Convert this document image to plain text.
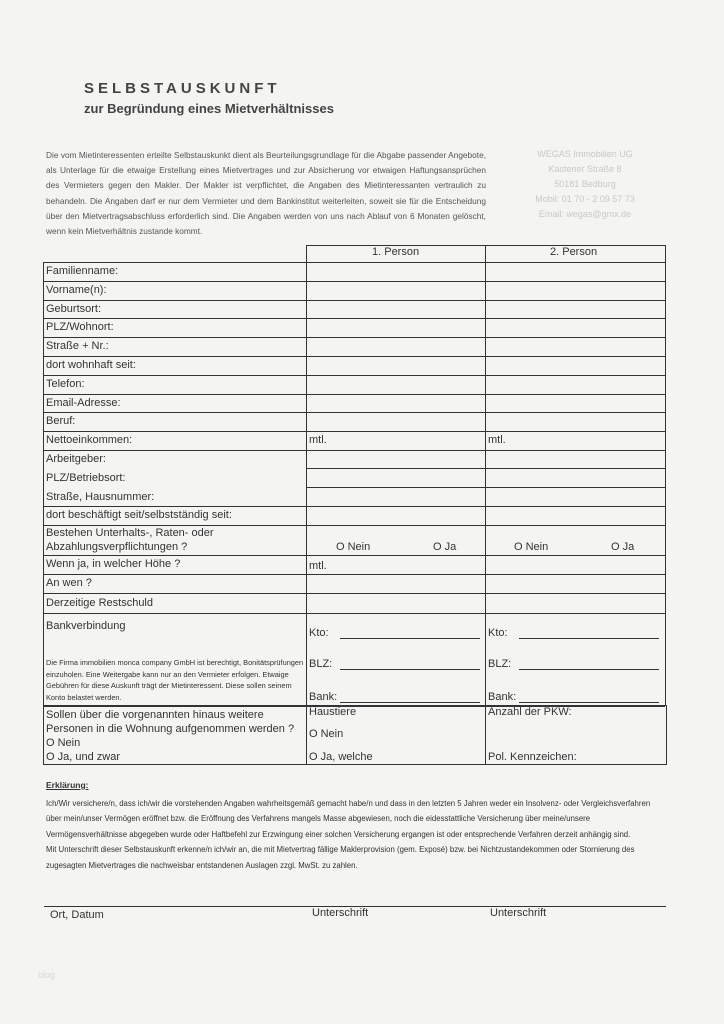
SELBSTAUSKUNFT
zur Begründung eines Mietverhältnisses
Die vom Mietinteressenten erteilte Selbstauskunkt dient als Beurteilungsgrundlage für die Abgabe passender Angebote, als Unterlage für die etwaige Erstellung eines Mietvertrages und zur Absicherung vor etwaigen Haftungsansprüchen des Vermieters gegen den Makler. Der Makler ist verpflichtet, die Angaben des Mietinteressanten vertraulich zu behandeln. Die Angaben darf er nur dem Vermieter und dem Bankinstitut weiterleiten, soweit sie für die Entscheidung über den Mietvertragsabschluss erforderlich sind. Die Angaben werden von uns nach Ablauf von 6 Monaten gelöscht, wenn kein Mietverhältnis zustande kommt.
WEGAS Immobilien UG
Kastener Straße 8
50181 Bedburg
Mobil: 01 70 - 2 09 57 73
Email: wegas@gmx.de
1. Person	2. Person
Familienname:
Vorname(n):
Geburtsort:
PLZ/Wohnort:
Straße + Nr.:
dort wohnhaft seit:
Telefon:
Email-Adresse:
Beruf:
Nettoeinkommen:	mtl.	mtl.
Arbeitgeber:
PLZ/Betriebsort:
Straße, Hausnummer:
dort beschäftigt seit/selbstständig seit:
Bestehen Unterhalts-, Raten- oder
Abzahlungsverpflichtungen ?	O Nein	O Ja	O Nein	O Ja
Wenn ja, in welcher Höhe ?	mtl.
An wen ?
Derzeitige Restschuld
Bankverbindung
Die Firma immobilien monca company GmbH ist berechtigt, Bonitätsprüfungen einzuholen. Eine Weitergabe kann nur an den Vermieter erfolgen. Etwaige Gebühren für diese Auskunft trägt der Mietinteressent. Diese sollen seinem Konto belastet werden.
Kto:
BLZ:
Bank:
Kto:
BLZ:
Bank:
Sollen über die vorgenannten hinaus weitere
Personen in die Wohnung aufgenommen werden ?
O Nein
O Ja, und zwar
Haustiere
O Nein
O Ja, welche
Anzahl der PKW:
Pol. Kennzeichen:
Erklärung:
Ich/Wir versichere/n, dass ich/wir die vorstehenden Angaben wahrheitsgemäß gemacht habe/n und dass in den letzten 5 Jahren weder ein Insolvenz- oder Vergleichsverfahren über mein/unser Vermögen eröffnet bzw. die Eröffnung des Verfahrens mangels Masse abgewiesen, noch die eidesstattliche Versicherung über meine/unsere Vermögensverhältnisse abgegeben wurde oder Haftbefehl zur Erzwingung einer solchen Versicherung ergangen ist oder entsprechende Verfahren derzeit anhängig sind.
Mit Unterschrift dieser Selbstauskunft erkenne/n ich/wir an, die mit Mietvertrag fällige Maklerprovision (gem. Exposé) bzw. bei Nichtzustandekommen oder Stornierung des zugesagten Mietvertrages die nachweisbar entstandenen Auslagen zzgl. MwSt. zu zahlen.
Ort, Datum	Unterschrift	Unterschrift
blog
